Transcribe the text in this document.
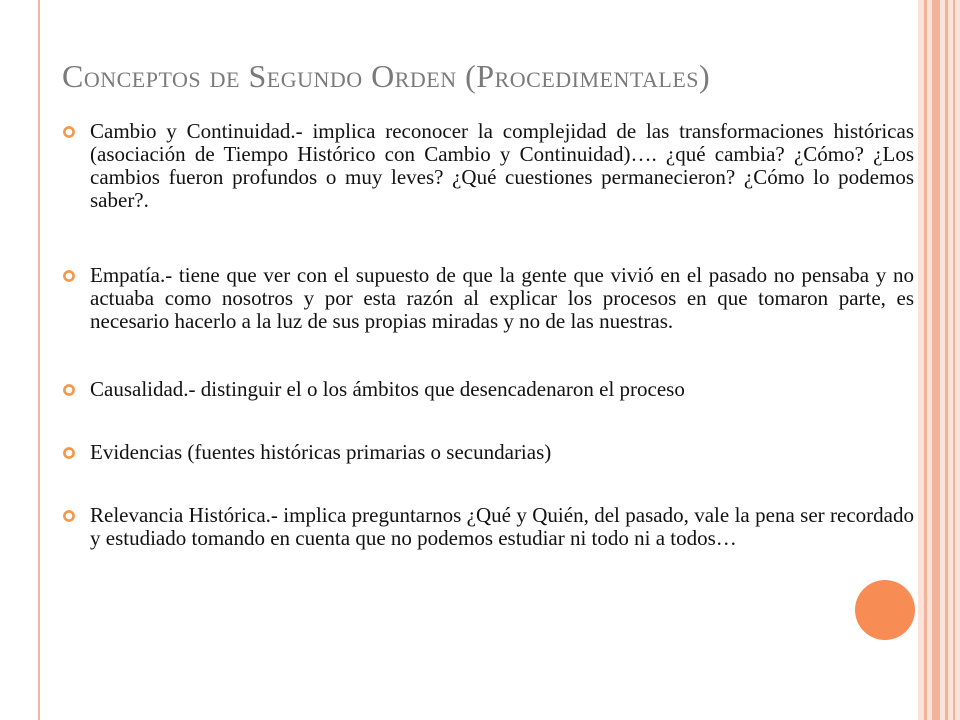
Conceptos de Segundo Orden (Procedimentales)
Cambio y Continuidad.- implica reconocer la complejidad de las transformaciones históricas (asociación de Tiempo Histórico con Cambio y Continuidad)…. ¿qué cambia? ¿Cómo? ¿Los cambios fueron profundos o muy leves? ¿Qué cuestiones permanecieron? ¿Cómo lo podemos saber?.
Empatía.- tiene que ver con el supuesto de que la gente que vivió en el pasado no pensaba y no actuaba como nosotros y por esta razón al explicar los procesos en que tomaron parte, es necesario hacerlo a la luz de sus propias miradas y no de las nuestras.
Causalidad.- distinguir el o los ámbitos que desencadenaron el proceso
Evidencias (fuentes históricas primarias o secundarias)
Relevancia Histórica.- implica preguntarnos ¿Qué y Quién, del pasado, vale la pena ser recordado y estudiado tomando en cuenta que no podemos estudiar ni todo ni a todos…
